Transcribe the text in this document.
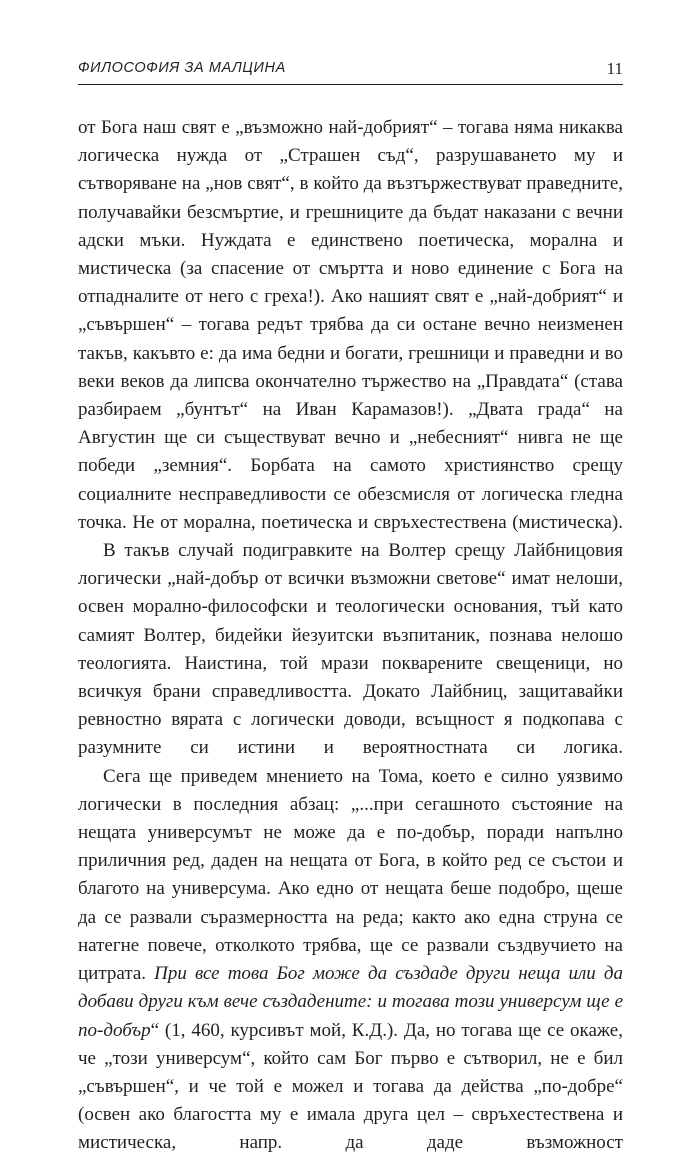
ФИЛОСОФИЯ ЗА МАЛЦИНА	11

от Бога наш свят е „възможно най-добрият“ – тогава няма никаква логическа нужда от „Страшен съд“, разрушаването му и сътворяване на „нов свят“, в който да възтържествуват праведните, получавайки безсмъртие, и грешниците да бъдат наказани с вечни адски мъки. Нуждата е единствено поетическа, морална и мистическа (за спасение от смъртта и ново единение с Бога на отпадналите от него с греха!). Ако нашият свят е „най-добрият“ и „съвършен“ – тогава редът трябва да си остане вечно неизменен такъв, какъвто е: да има бедни и богати, грешници и праведни и во веки веков да липсва окончателно тържество на „Правдата“ (става разбираем „бунтът“ на Иван Карамазов!). „Двата града“ на Августин ще си съществуват вечно и „небесният“ нивга не ще победи „земния“. Борбата на самото християнство срещу социалните несправедливости се обезсмисля от логическа гледна точка. Не от морална, поетическа и свръхестествена (мистическа).

В такъв случай подигравките на Волтер срещу Лайбницовия логически „най-добър от всички възможни светове“ имат нелоши, освен морално-философски и теологически основания, тъй като самият Волтер, бидейки йезуитски възпитаник, познава нелошо теологията. Наистина, той мрази покварените свещеници, но всичкуя брани справедливостта. Докато Лайбниц, защитавайки ревностно вярата с логически доводи, всъщност я подкопава с разумните си истини и вероятностната си логика.

Сега ще приведем мнението на Тома, което е силно уязвимо логически в последния абзац: „...при сегашното състояние на нещата универсумът не може да е по-добър, поради напълно приличния ред, даден на нещата от Бога, в който ред се състои и благото на универсума. Ако едно от нещата беше подобро, щеше да се развали съразмерността на реда; както ако една струна се натегне повече, отколкото трябва, ще се развали създвучието на цитрата. При все това Бог може да създаде други неща или да добави други към вече създадените: и тогава този универсум ще е по-добър“ (1, 460, курсивът мой, К.Д.). Да, но тогава ще се окаже, че „този универсум“, който сам Бог първо е сътворил, не е бил „съвършен“, и че той е можел и тогава да действа „по-добре“ (освен ако благостта му е имала друга цел – свръхестествена и мистическа, напр. да даде възможност
